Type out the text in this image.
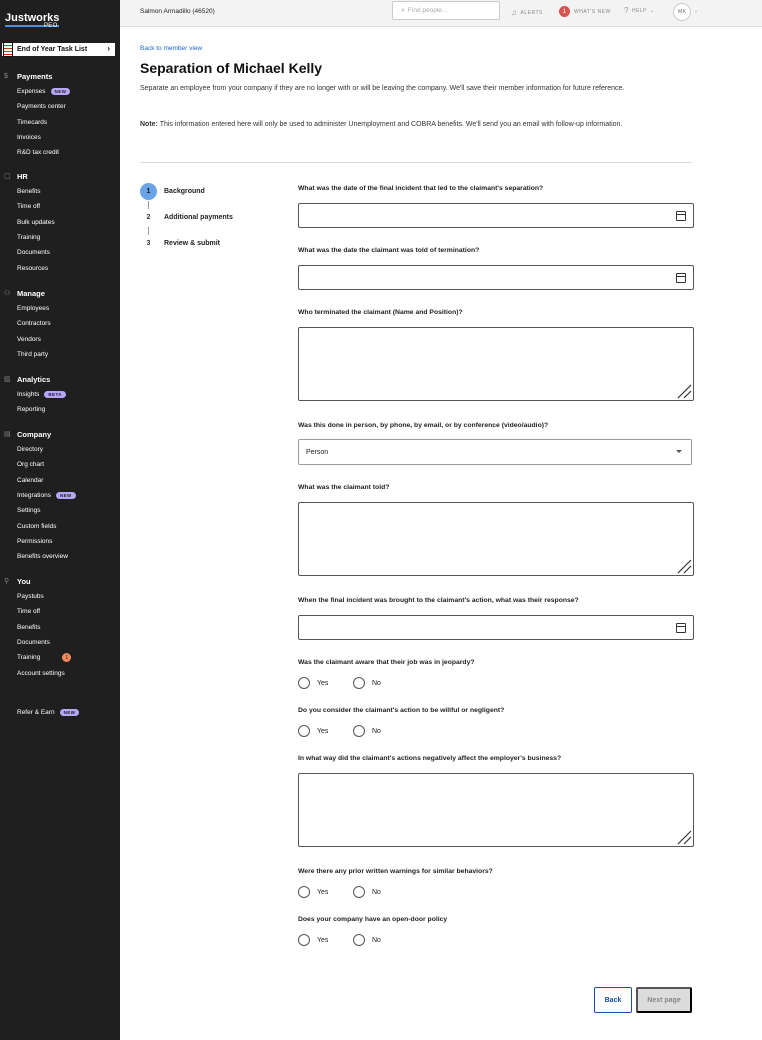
Justworks
PEO
End of Year Task List	›
$	Payments
Expenses	NEW
Payments center
Timecards
Invoices
R&D tax credit
▢ HR
Benefits
Time off
Bulk updates
Training
Documents
Resources
⚇ Manage
Employees
Contractors
Vendors
Third party
▥ Analytics
Insights	BETA
Reporting
▤ Company
Directory
Org chart
Calendar
Integrations	NEW
Settings
Custom fields
Permissions
Benefits overview
⚲	You
Paystubs
Time off
Benefits
Documents
Training	1
Account settings
Refer & Earn	NEW
Salmon Armadillo (46520)	⌕ Find people...	♫ ALERTS	1	WHAT'S NEW ? HELP ⌄	MK	⌄
Back to member view
Separation of Michael Kelly

Separate an employee from your company if they are no longer with or will be leaving the company. We'll save their member information for future reference.

Note: This information entered here will only be used to administer Unemployment and COBRA benefits. We'll send you an email with follow-up information.

1	Background
2	Additional payments
3	Review & submit
What was the date of the final incident that led to the claimant's separation?
What was the date the claimant was told of termination?
Who terminated the claimant (Name and Position)?
Was this done in person, by phone, by email, or by conference (video/audio)?
Person
What was the claimant told?
When the final incident was brought to the claimant's action, what was their response?
Was the claimant aware that their job was in jeopardy?
Yes	No
Do you consider the claimant's action to be willful or negligent?
Yes	No
In what way did the claimant's actions negatively affect the employer's business?
Were there any prior written warnings for similar behaviors?
Yes	No
Does your company have an open-door policy
Yes	No
Back	Next page
